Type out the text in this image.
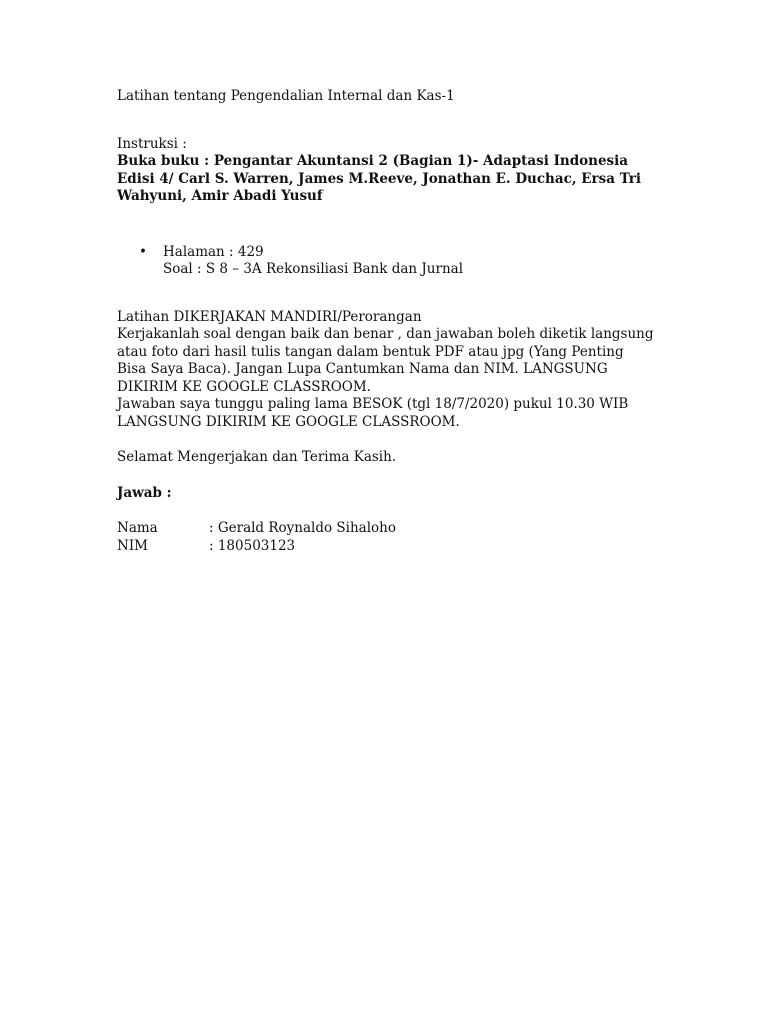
Latihan tentang Pengendalian Internal dan Kas-1

Instruksi :

Buka buku : Pengantar Akuntansi 2 (Bagian 1)- Adaptasi Indonesia Edisi 4/ Carl S. Warren, James M.Reeve, Jonathan E. Duchac, Ersa Tri Wahyuni, Amir Abadi Yusuf

• Halaman : 429

Soal : S 8 – 3A Rekonsiliasi Bank dan Jurnal

Latihan DIKERJAKAN MANDIRI/Perorangan

Kerjakanlah soal dengan baik dan benar , dan jawaban boleh diketik langsung atau foto dari hasil tulis tangan dalam bentuk PDF atau jpg (Yang Penting Bisa Saya Baca). Jangan Lupa Cantumkan Nama dan NIM. LANGSUNG DIKIRIM KE GOOGLE CLASSROOM.

Jawaban saya tunggu paling lama BESOK (tgl 18/7/2020) pukul 10.30 WIB LANGSUNG DIKIRIM KE GOOGLE CLASSROOM.

Selamat Mengerjakan dan Terima Kasih.

Jawab :

Nama	: Gerald Roynaldo Sihaloho
NIM	: 180503123
